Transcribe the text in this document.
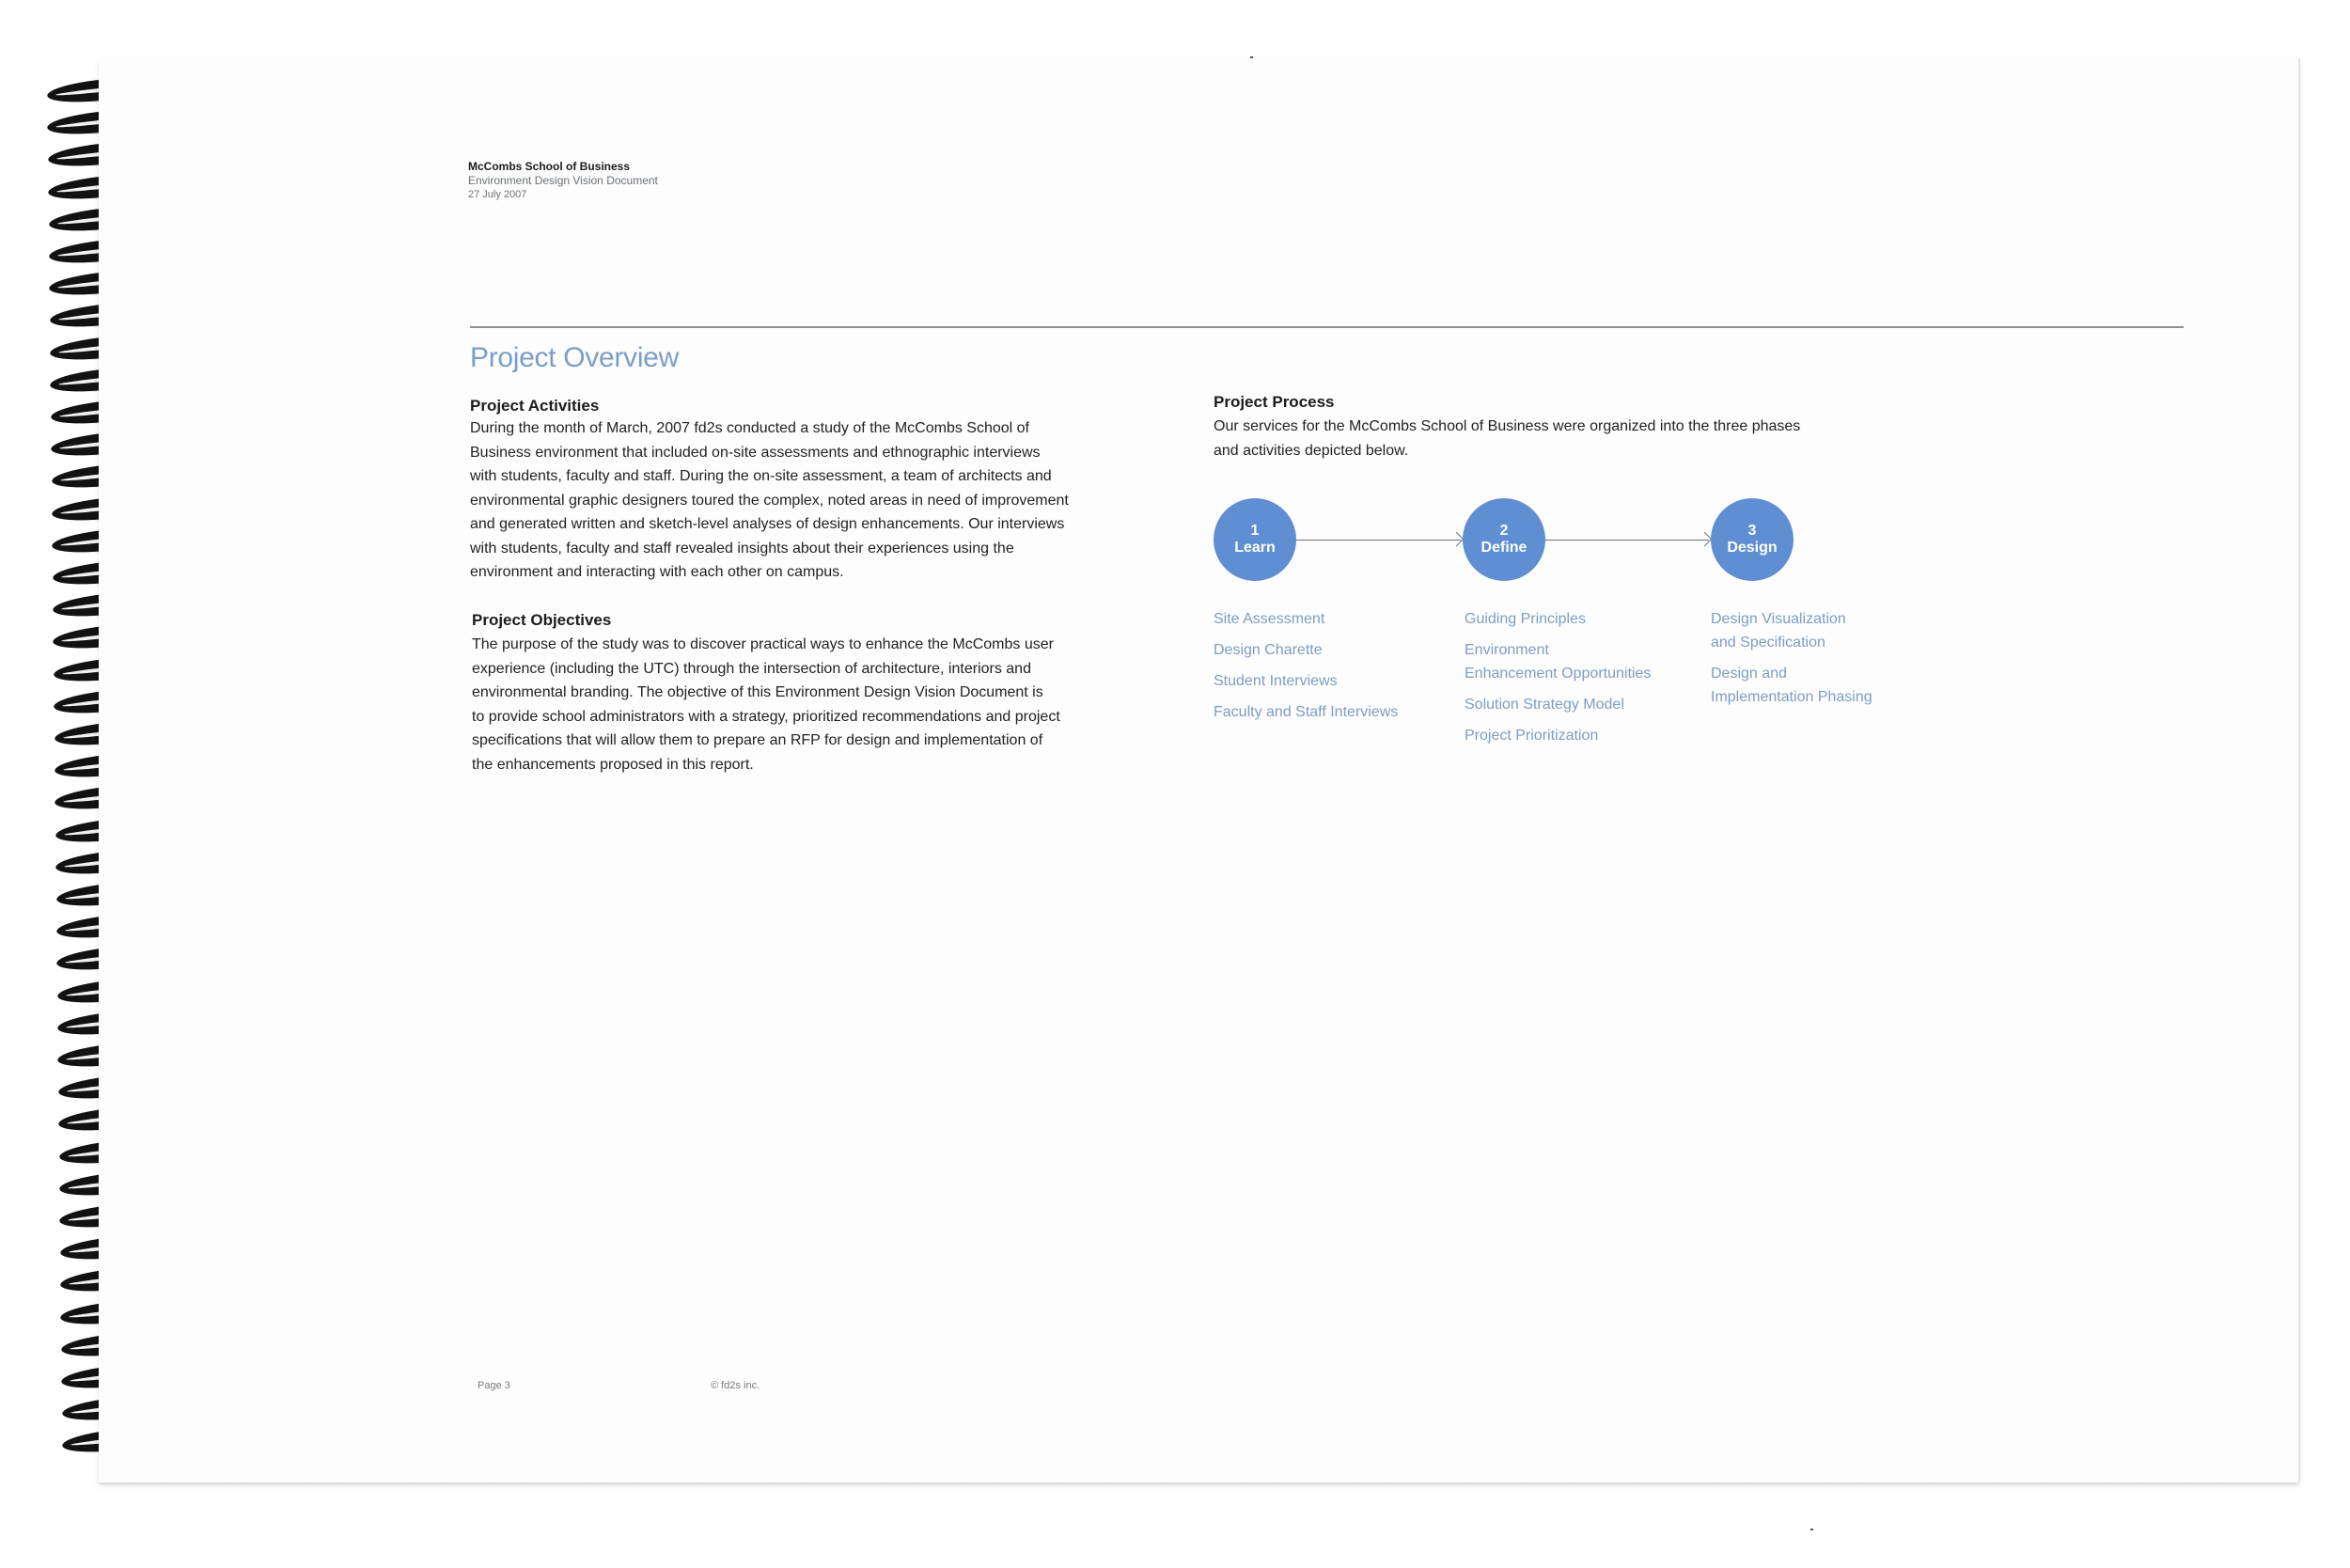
McCombs School of Business
Environment Design Vision Document
27 July 2007
Project Overview
Project Activities

During the month of March, 2007 fd2s conducted a study of the McCombs School of

Business environment that included on-site assessments and ethnographic interviews

with students, faculty and staff. During the on-site assessment, a team of architects and

environmental graphic designers toured the complex, noted areas in need of improvement

and generated written and sketch-level analyses of design enhancements. Our interviews

with students, faculty and staff revealed insights about their experiences using the

environment and interacting with each other on campus.

Project Objectives

The purpose of the study was to discover practical ways to enhance the McCombs user

experience (including the UTC) through the intersection of architecture, interiors and

environmental branding. The objective of this Environment Design Vision Document is

to provide school administrators with a strategy, prioritized recommendations and project

specifications that will allow them to prepare an RFP for design and implementation of

the enhancements proposed in this report.

Project Process

Our services for the McCombs School of Business were organized into the three phases

and activities depicted below.

1
Learn
Site Assessment
Design Charette
Student Interviews
Faculty and Staff Interviews
2
Define
Guiding Principles
Environment
Enhancement Opportunities
Solution Strategy Model
Project Prioritization
3
Design
Design Visualization
and Specification
Design and
Implementation Phasing
Page 3	© fd2s inc.
